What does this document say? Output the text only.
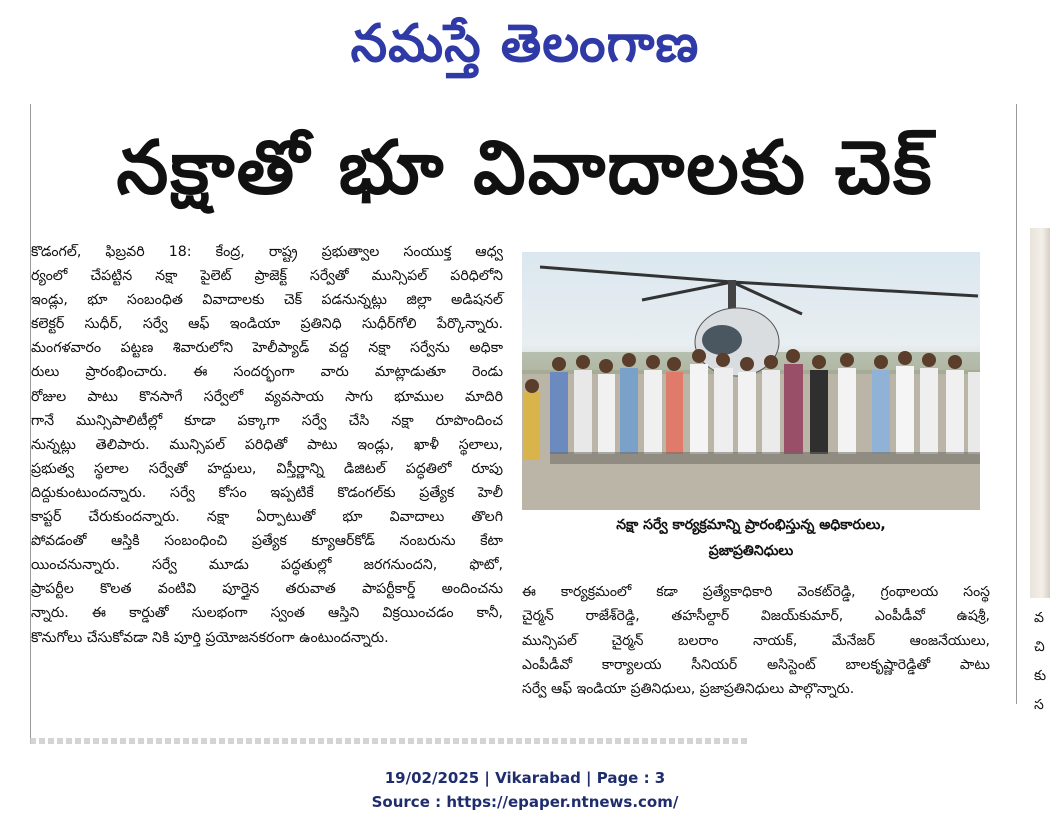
నమస్తే తెలంగాణ
నక్షాతో భూ వివాదాలకు చెక్

కొడంగల్, ఫిబ్రవరి 18: కేంద్ర, రాష్ట్ర ప్రభుత్వాల సంయుక్త ఆధ్వ

ర్యంలో చేపట్టిన నక్షా పైలెట్ ప్రాజెక్ట్ సర్వేతో మున్సిపల్ పరిధిలోని

ఇండ్లు, భూ సంబంధిత వివాదాలకు చెక్ పడనున్నట్లు జిల్లా అడిషనల్

కలెక్టర్ సుధీర్, సర్వే ఆఫ్ ఇండియా ప్రతినిధి సుధీర్‌గోలి పేర్కొన్నారు.

మంగళవారం పట్టణ శివారులోని హెలీప్యాడ్ వద్ద నక్షా సర్వేను అధికా

రులు ప్రారంభించారు. ఈ సందర్భంగా వారు మాట్లాడుతూ రెండు

రోజుల పాటు కొనసాగే సర్వేలో వ్యవసాయ సాగు భూముల మాదిరి

గానే మున్సిపాలిటీల్లో కూడా పక్కాగా సర్వే చేసి నక్షా రూపొందించ

నున్నట్లు తెలిపారు. మున్సిపల్ పరిధితో పాటు ఇండ్లు, ఖాళీ స్థలాలు,

ప్రభుత్వ స్థలాల సర్వేతో హద్దులు, విస్తీర్ణాన్ని డిజిటల్ పద్ధతిలో రూపు

దిద్దుకుంటుందన్నారు. సర్వే కోసం ఇప్పటికే కొడంగల్‌కు ప్రత్యేక హెలీ

కాప్టర్ చేరుకుందన్నారు. నక్షా ఏర్పాటుతో భూ వివాదాలు తొలగి

పోవడంతో ఆస్తికి సంబంధించి ప్రత్యేక క్యూఆర్‌కోడ్ నంబరును కేటా

యించనున్నారు. సర్వే మూడు పద్ధతుల్లో జరగనుందని, ఫొటో,

ప్రాపర్టీల కొలత వంటివి పూర్తైన తరువాత పాపర్టీకార్డ్ అందించను

న్నారు. ఈ కార్డుతో సులభంగా స్వంత ఆస్తిని విక్రయించడం కానీ,

కొనుగోలు చేసుకోవడా నికి పూర్తి ప్రయోజనకరంగా ఉంటుందన్నారు.

నక్షా సర్వే కార్యక్రమాన్ని ప్రారంభిస్తున్న అధికారులు,
ప్రజాప్రతినిధులు

ఈ కార్యక్రమంలో కడా ప్రత్యేకాధికారి వెంకట్‌రెడ్డి, గ్రంథాలయ సంస్థ

చైర్మన్ రాజేశ్‌రెడ్డి, తహసీల్దార్ విజయ్‌కుమార్, ఎంపీడీవో ఉషశ్రీ,

మున్సిపల్ చైర్మన్ బలరాం నాయక్, మేనేజర్ ఆంజనేయులు,

ఎంపీడీవో కార్యాలయ సీనియర్ అసిస్టెంట్ బాలకృష్ణారెడ్డితో పాటు

సర్వే ఆఫ్ ఇండియా ప్రతినిధులు, ప్రజాప్రతినిధులు పాల్గొన్నారు.

వ
చి
కు
స
19/02/2025 | Vikarabad | Page : 3
Source : https://epaper.ntnews.com/
